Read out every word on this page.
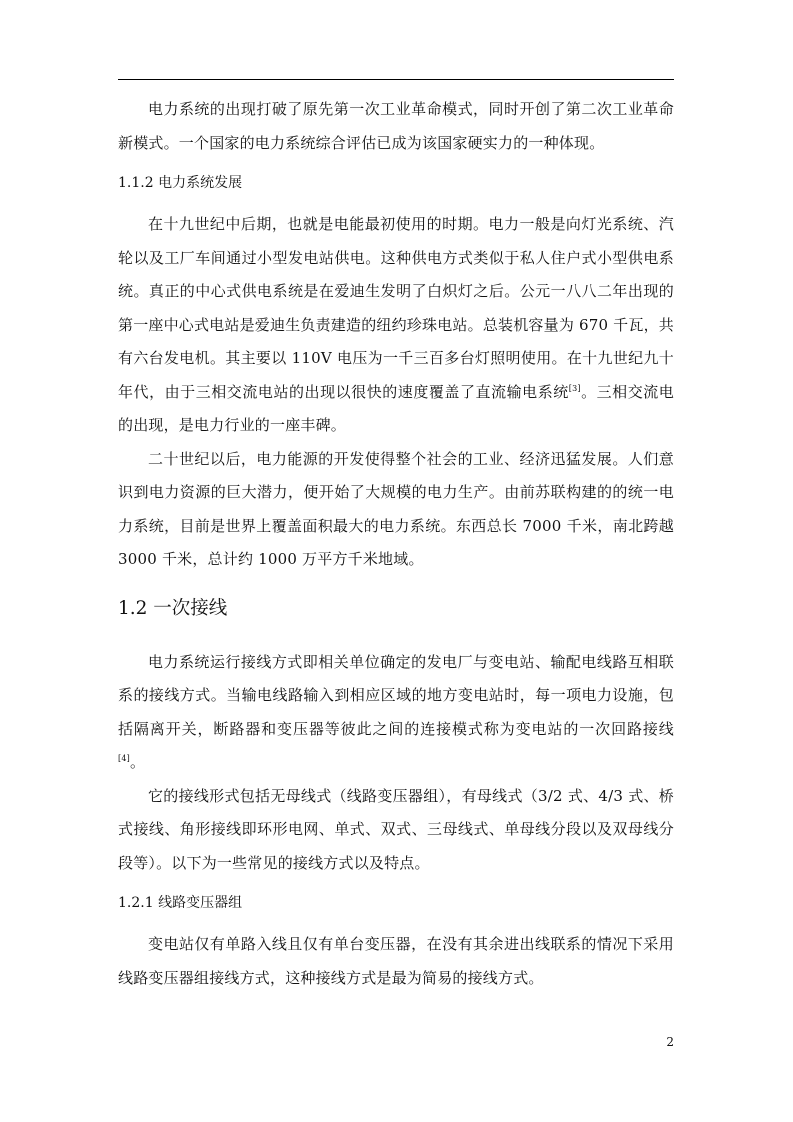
电力系统的出现打破了原先第一次工业革命模式，同时开创了第二次工业革命新模式。一个国家的电力系统综合评估已成为该国家硬实力的一种体现。

1.1.2 电力系统发展

在十九世纪中后期，也就是电能最初使用的时期。电力一般是向灯光系统、汽轮以及工厂车间通过小型发电站供电。这种供电方式类似于私人住户式小型供电系统。真正的中心式供电系统是在爱迪生发明了白炽灯之后。公元一八八二年出现的第一座中心式电站是爱迪生负责建造的纽约珍珠电站。总装机容量为 670 千瓦，共有六台发电机。其主要以 110V 电压为一千三百多台灯照明使用。在十九世纪九十年代，由于三相交流电站的出现以很快的速度覆盖了直流输电系统[3]。三相交流电的出现，是电力行业的一座丰碑。

二十世纪以后，电力能源的开发使得整个社会的工业、经济迅猛发展。人们意识到电力资源的巨大潜力，便开始了大规模的电力生产。由前苏联构建的的统一电力系统，目前是世界上覆盖面积最大的电力系统。东西总长 7000 千米，南北跨越 3000 千米，总计约 1000 万平方千米地域。

1.2 一次接线

电力系统运行接线方式即相关单位确定的发电厂与变电站、输配电线路互相联系的接线方式。当输电线路输入到相应区域的地方变电站时，每一项电力设施，包括隔离开关，断路器和变压器等彼此之间的连接模式称为变电站的一次回路接线[4]。

它的接线形式包括无母线式（线路变压器组），有母线式（3/2 式、4/3 式、桥式接线、角形接线即环形电网、单式、双式、三母线式、单母线分段以及双母线分段等）。以下为一些常见的接线方式以及特点。

1.2.1 线路变压器组

变电站仅有单路入线且仅有单台变压器，在没有其余进出线联系的情况下采用线路变压器组接线方式，这种接线方式是最为简易的接线方式。

2
